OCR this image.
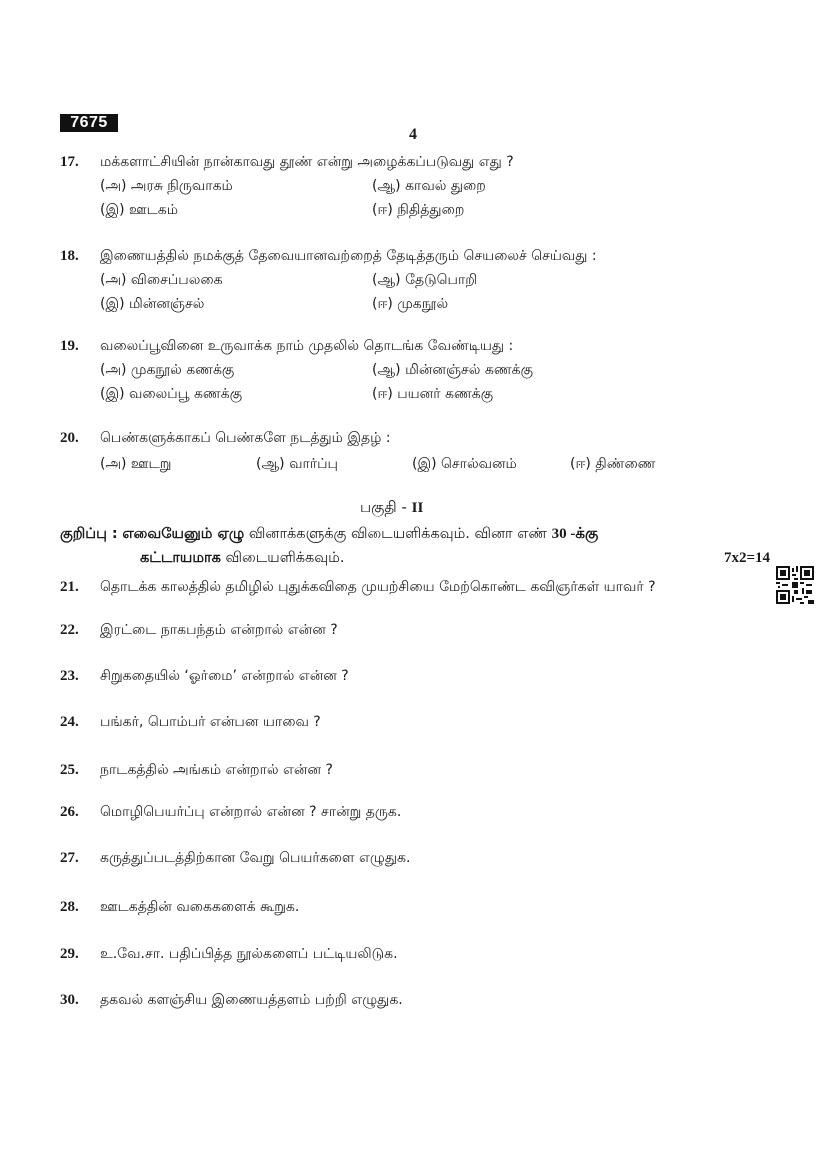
7675
4
17.	மக்களாட்சியின் நான்காவது தூண் என்று அழைக்கப்படுவது எது ?
(அ) அரசு நிருவாகம்	(ஆ) காவல் துறை
(இ) ஊடகம்	(ஈ) நிதித்துறை
18.	இணையத்தில் நமக்குத் தேவையானவற்றைத் தேடித்தரும் செயலைச் செய்வது :
(அ) விசைப்பலகை	(ஆ) தேடுபொறி
(இ) மின்னஞ்சல்	(ஈ) முகநூல்
19.	வலைப்பூவினை உருவாக்க நாம் முதலில் தொடங்க வேண்டியது :
(அ) முகநூல் கணக்கு	(ஆ) மின்னஞ்சல் கணக்கு
(இ) வலைப்பூ கணக்கு	(ஈ) பயனர் கணக்கு
20.	பெண்களுக்காகப் பெண்களே நடத்தும் இதழ் :
(அ) ஊடறு	(ஆ) வார்ப்பு	(இ) சொல்வனம்	(ஈ) திண்ணை
பகுதி - II
குறிப்பு : எவையேனும் ஏழு வினாக்களுக்கு விடையளிக்கவும். வினா எண் 30 -க்கு
கட்டாயமாக விடையளிக்கவும்.	7x2=14
21.	தொடக்க காலத்தில் தமிழில் புதுக்கவிதை முயற்சியை மேற்கொண்ட கவிஞர்கள் யாவர் ?
22.	இரட்டை நாகபந்தம் என்றால் என்ன ?
23.	சிறுகதையில் ‘ஓர்மை’ என்றால் என்ன ?
24.	பங்கர், பொம்பர் என்பன யாவை ?
25.	நாடகத்தில் அங்கம் என்றால் என்ன ?
26.	மொழிபெயர்ப்பு என்றால் என்ன ? சான்று தருக.
27.	கருத்துப்படத்திற்கான வேறு பெயர்களை எழுதுக.
28.	ஊடகத்தின் வகைகளைக் கூறுக.
29.	உ.வே.சா. பதிப்பித்த நூல்களைப் பட்டியலிடுக.
30.	தகவல் களஞ்சிய இணையத்தளம் பற்றி எழுதுக.
